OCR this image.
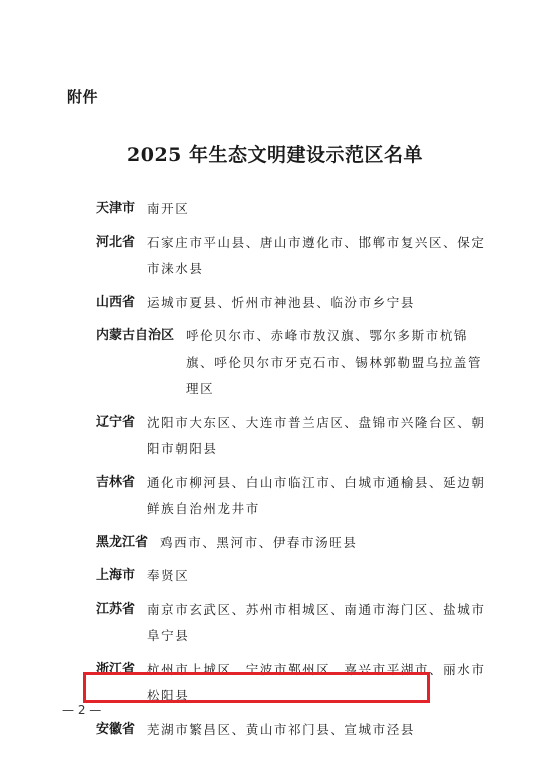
附件
2025 年生态文明建设示范区名单
天津市 南开区
河北省 石家庄市平山县、唐山市遵化市、邯郸市复兴区、保定市涞水县
山西省 运城市夏县、忻州市神池县、临汾市乡宁县
内蒙古自治区 呼伦贝尔市、赤峰市敖汉旗、鄂尔多斯市杭锦旗、呼伦贝尔市牙克石市、锡林郭勒盟乌拉盖管理区
辽宁省 沈阳市大东区、大连市普兰店区、盘锦市兴隆台区、朝阳市朝阳县
吉林省 通化市柳河县、白山市临江市、白城市通榆县、延边朝鲜族自治州龙井市
黑龙江省 鸡西市、黑河市、伊春市汤旺县
上海市 奉贤区
江苏省 南京市玄武区、苏州市相城区、南通市海门区、盐城市阜宁县
浙江省 杭州市上城区、宁波市鄞州区、嘉兴市平湖市、丽水市松阳县
安徽省 芜湖市繁昌区、黄山市祁门县、宣城市泾县
— 2 —
